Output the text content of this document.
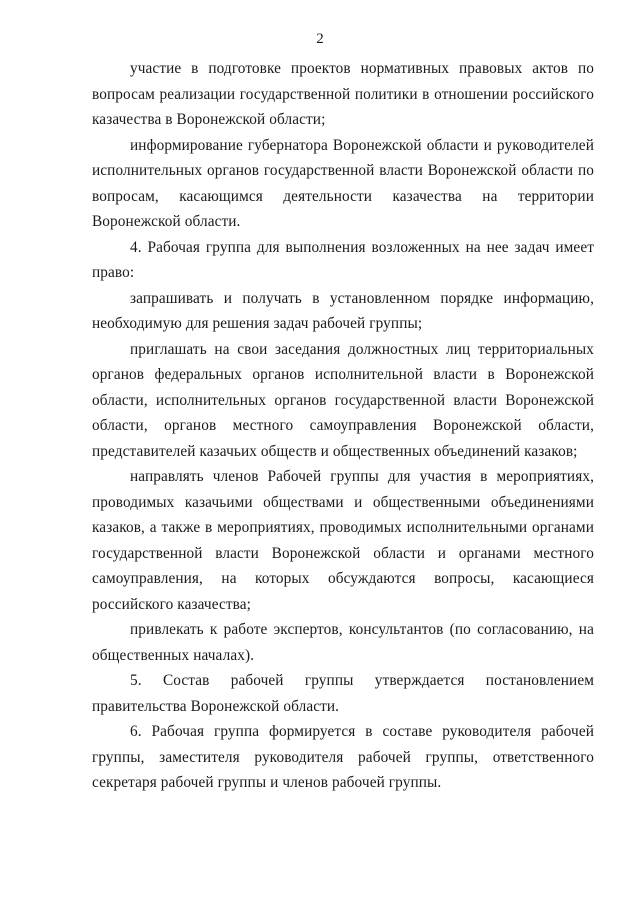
2

участие в подготовке проектов нормативных правовых актов по вопросам реализации государственной политики в отношении российского казачества в Воронежской области;

информирование губернатора Воронежской области и руководителей исполнительных органов государственной власти Воронежской области по вопросам, касающимся деятельности казачества на территории Воронежской области.

4. Рабочая группа для выполнения возложенных на нее задач имеет право:

запрашивать и получать в установленном порядке информацию, необходимую для решения задач рабочей группы;

приглашать на свои заседания должностных лиц территориальных органов федеральных органов исполнительной власти в Воронежской области, исполнительных органов государственной власти Воронежской области, органов местного самоуправления Воронежской области, представителей казачьих обществ и общественных объединений казаков;

направлять членов Рабочей группы для участия в мероприятиях, проводимых казачьими обществами и общественными объединениями казаков, а также в мероприятиях, проводимых исполнительными органами государственной власти Воронежской области и органами местного самоуправления, на которых обсуждаются вопросы, касающиеся российского казачества;

привлекать к работе экспертов, консультантов (по согласованию, на общественных началах).

5. Состав рабочей группы утверждается постановлением правительства Воронежской области.

6. Рабочая группа формируется в составе руководителя рабочей группы, заместителя руководителя рабочей группы, ответственного секретаря рабочей группы и членов рабочей группы.
